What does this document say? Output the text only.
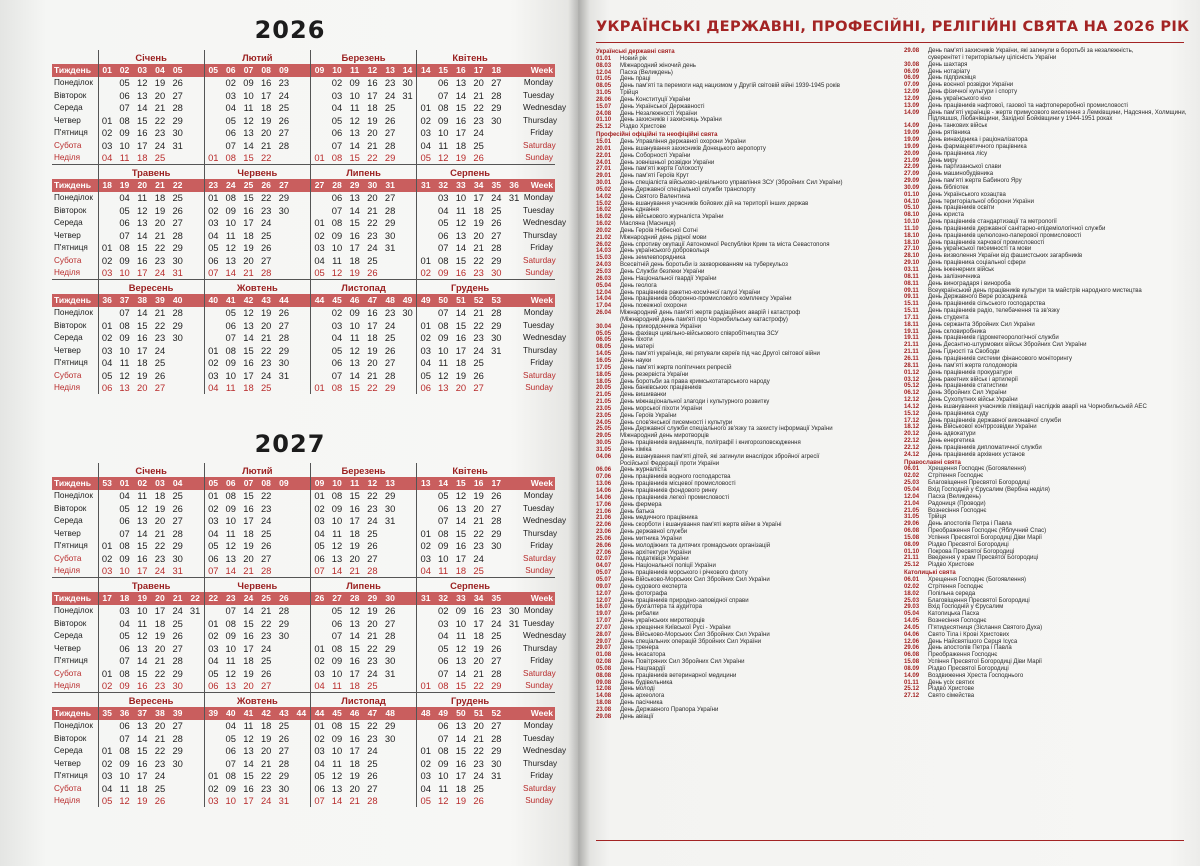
2026
	Січень						Лютий						Березень						Квітень						
Тиждень	01	02	03	04	05		05	06	07	08	09		09	10	11	12	13	14	14	15	16	17	18		Week
Понеділок		05	12	19	26			02	09	16	23			02	09	16	23	30		06	13	20	27		Monday
Вівторок		06	13	20	27			03	10	17	24			03	10	17	24	31		07	14	21	28		Tuesday
Середа		07	14	21	28			04	11	18	25			04	11	18	25		01	08	15	22	29		Wednesday
Четвер	01	08	15	22	29			05	12	19	26			05	12	19	26		02	09	16	23	30		Thursday
П'ятниця	02	09	16	23	30			06	13	20	27			06	13	20	27		03	10	17	24			Friday
Субота	03	10	17	24	31			07	14	21	28			07	14	21	28		04	11	18	25			Saturday
Неділя	04	11	18	25			01	08	15	22			01	08	15	22	29		05	12	19	26			Sunday
	Травень						Червень						Липень						Серпень						
Тиждень	18	19	20	21	22		23	24	25	26	27		27	28	29	30	31		31	32	33	34	35	36	Week
Понеділок		04	11	18	25		01	08	15	22	29			06	13	20	27			03	10	17	24	31	Monday
Вівторок		05	12	19	26		02	09	16	23	30			07	14	21	28			04	11	18	25		Tuesday
Середа		06	13	20	27		03	10	17	24			01	08	15	22	29			05	12	19	26		Wednesday
Четвер		07	14	21	28		04	11	18	25			02	09	16	23	30			06	13	20	27		Thursday
П'ятниця	01	08	15	22	29		05	12	19	26			03	10	17	24	31			07	14	21	28		Friday
Субота	02	09	16	23	30		06	13	20	27			04	11	18	25			01	08	15	22	29		Saturday
Неділя	03	10	17	24	31		07	14	21	28			05	12	19	26			02	09	16	23	30		Sunday
	Вересень						Жовтень						Листопад						Грудень						
Тиждень	36	37	38	39	40		40	41	42	43	44		44	45	46	47	48	49	49	50	51	52	53		Week
Понеділок		07	14	21	28			05	12	19	26			02	09	16	23	30		07	14	21	28		Monday
Вівторок	01	08	15	22	29			06	13	20	27			03	10	17	24		01	08	15	22	29		Tuesday
Середа	02	09	16	23	30			07	14	21	28			04	11	18	25		02	09	16	23	30		Wednesday
Четвер	03	10	17	24			01	08	15	22	29			05	12	19	26		03	10	17	24	31		Thursday
П'ятниця	04	11	18	25			02	09	16	23	30			06	13	20	27		04	11	18	25			Friday
Субота	05	12	19	26			03	10	17	24	31			07	14	21	28		05	12	19	26			Saturday
Неділя	06	13	20	27			04	11	18	25			01	08	15	22	29		06	13	20	27			Sunday
2027
	Січень						Лютий						Березень						Квітень						
Тиждень	53	01	02	03	04		05	06	07	08	09		09	10	11	12	13		13	14	15	16	17		Week
Понеділок		04	11	18	25		01	08	15	22			01	08	15	22	29			05	12	19	26		Monday
Вівторок		05	12	19	26		02	09	16	23			02	09	16	23	30			06	13	20	27		Tuesday
Середа		06	13	20	27		03	10	17	24			03	10	17	24	31			07	14	21	28		Wednesday
Четвер		07	14	21	28		04	11	18	25			04	11	18	25			01	08	15	22	29		Thursday
П'ятниця	01	08	15	22	29		05	12	19	26			05	12	19	26			02	09	16	23	30		Friday
Субота	02	09	16	23	30		06	13	20	27			06	13	20	27			03	10	17	24			Saturday
Неділя	03	10	17	24	31		07	14	21	28			07	14	21	28			04	11	18	25			Sunday
	Травень						Червень						Липень						Серпень						
Тиждень	17	18	19	20	21	22	22	23	24	25	26		26	27	28	29	30		31	32	33	34	35		Week
Понеділок		03	10	17	24	31		07	14	21	28			05	12	19	26			02	09	16	23	30	Monday
Вівторок		04	11	18	25		01	08	15	22	29			06	13	20	27			03	10	17	24	31	Tuesday
Середа		05	12	19	26		02	09	16	23	30			07	14	21	28			04	11	18	25		Wednesday
Четвер		06	13	20	27		03	10	17	24			01	08	15	22	29			05	12	19	26		Thursday
П'ятниця		07	14	21	28		04	11	18	25			02	09	16	23	30			06	13	20	27		Friday
Субота	01	08	15	22	29		05	12	19	26			03	10	17	24	31			07	14	21	28		Saturday
Неділя	02	09	16	23	30		06	13	20	27			04	11	18	25			01	08	15	22	29		Sunday
	Вересень						Жовтень						Листопад						Грудень						
Тиждень	35	36	37	38	39		39	40	41	42	43	44	44	45	46	47	48		48	49	50	51	52		Week
Понеділок		06	13	20	27			04	11	18	25		01	08	15	22	29			06	13	20	27		Monday
Вівторок		07	14	21	28			05	12	19	26		02	09	16	23	30			07	14	21	28		Tuesday
Середа	01	08	15	22	29			06	13	20	27		03	10	17	24			01	08	15	22	29		Wednesday
Четвер	02	09	16	23	30			07	14	21	28		04	11	18	25			02	09	16	23	30		Thursday
П'ятниця	03	10	17	24			01	08	15	22	29		05	12	19	26			03	10	17	24	31		Friday
Субота	04	11	18	25			02	09	16	23	30		06	13	20	27			04	11	18	25			Saturday
Неділя	05	12	19	26			03	10	17	24	31		07	14	21	28			05	12	19	26			Sunday
УКРАЇНСЬКІ ДЕРЖАВНІ, ПРОФЕСІЙНІ, РЕЛІГІЙНІ СВЯТА НА 2026 РІК
Українські державні свята
01.01	Новий рік
08.03	Міжнародний жіночий день
12.04	Пасха (Великдень)
01.05	День праці
08.05	День пам'яті та перемоги над нацизмом у Другій світовій війні 1939-1945 років
31.05	Трійця
28.06	День Конституції України
15.07	День Української Державності
24.08	День Незалежності України
01.10	День захисників і захисниць України
25.12	Різдво Христове
Професійні офіційні та неофіційні свята
15.01	День Управління державної охорони України
20.01	День вшанування захисників Донецького аеропорту
22.01	День Соборності України
24.01	День зовнішньої розвідки України
27.01	День пам'яті жертв Голокосту
29.01	День пам'яті Героїв Крут
30.01	День спеціаліста військово-цивільного управління ЗСУ (Збройних Сил України)
05.02	День Державної спеціальної служби транспорту
14.02	День Святого Валентина
15.02	День вшанування учасників бойових дій на території інших держав
16.02	День єднання
16.02	День військового журналіста України
16.02	Масляна (Масниця)
20.02	День Героїв Небесної Сотні
21.02	Міжнародний день рідної мови
26.02	День спротиву окупації Автономної Республіки Крим та міста Севастополя
14.03	День українського добровольця
15.03	День землевпорядника
24.03	Всесвітній день боротьби із захворюванням на туберкульоз
25.03	День Служби безпеки України
26.03	День Національної гвардії України
05.04	День геолога
12.04	День працівників ракетно-космічної галузі України
14.04	День працівників оборонно-промислового комплексу України
17.04	День пожежної охорони
26.04	Міжнародний день пам'яті жертв радіаційних аварій і катастроф
(Міжнародний день пам'яті про Чорнобильську катастрофу)
30.04	День прикордонника України
05.05	День фахівця цивільно-військового співробітництва ЗСУ
06.05	День піхоти
08.05	День матері
14.05	День пам'яті українців, які рятували євреїв під час Другої світової війни
16.05	День науки
17.05	День пам'яті жертв політичних репресій
18.05	День резервіста України
18.05	День боротьби за права кримськотатарського народу
20.05	День банківських працівників
21.05	День вишиванки
21.05	День міжнаціональної злагоди і культурного розвитку
23.05	День морської піхоти України
23.05	День Героїв України
24.05	День слов'янської писемності і культури
25.05	День Державної служби спеціального зв'язку та захисту інформації України
29.05	Міжнародний день миротворців
30.05	День працівників видавництв, поліграфії і книгорозповсюдження
31.05	День хіміка
04.06	День вшанування пам'яті дітей, які загинули внаслідок збройної агресії
Російської Федерації проти України
06.06	День журналіста
07.06	День працівників водного господарства
13.06	День працівників місцевої промисловості
14.06	День працівників фондового ринку
14.06	День працівників легкої промисловості
17.06	День фермера
21.06	День батька
21.06	День медичного працівника
22.06	День скорботи і вшанування пам'яті жертв війни в Україні
23.06	День державної служби
25.06	День митника України
26.06	День молодіжних та дитячих громадських організацій
27.06	День архітектури України
02.07	День податківця України
04.07	День Національної поліції України
05.07	День працівників морського і річкового флоту
05.07	День Військово-Морських Сил Збройних Сил України
09.07	День судового експерта
12.07	День фотографа
12.07	День працівників природно-заповідної справи
16.07	День бухгалтера та аудитора
19.07	День рибалки
17.07	День українських миротворців
27.07	День хрещення Київської Русі - України
28.07	День Військово-Морських Сил Збройних Сил України
29.07	День спеціальних операцій Збройних Сил України
29.07	День тренера
01.08	День інкасатора
02.08	День Повітряних Сил Збройних Сил України
05.08	День Нацгвардії
08.08	День працівників ветеринарної медицини
09.08	День будівельника
12.08	День молоді
14.08	День археолога
18.08	День пасічника
23.08	День Державного Прапора України
29.08	День авіації
29.08	День пам'яті захисників України, які загинули в боротьбі за незалежність,
суверенітет і територіальну цілісність України
30.08	День шахтаря
06.09	День нотаріату
06.09	День підприємця
07.09	День воєнної розвідки України
12.09	День фізичної культури і спорту
12.09	День українського кіно
13.09	День працівників нафтової, газової та нафтопереробної промисловості
14.09	День пам'яті українців - жертв примусового виселення з Лемківщини, Надсяння, Холмщини,
Підляшшя, Любачівщини, Західної Бойківщини у 1944-1951 роках
14.09	День танкових військ
19.09	День рятівника
19.09	День винахідника і раціоналізатора
19.09	День фармацевтичного працівника
20.09	День працівника лісу
21.09	День миру
22.09	День партизанської слави
27.09	День машинобудівника
29.09	День пам'яті жертв Бабиного Яру
30.09	День бібліотек
01.10	День Українського козацтва
04.10	День територіальної оборони України
05.10	День працівників освіти
08.10	День юриста
10.10	День працівників стандартизації та метрології
11.10	День працівників державної санітарно-епідеміологічної служби
18.10	День працівників целюлозно-паперової промисловості
18.10	День працівників харчової промисловості
27.10	День української писемності та мови
28.10	День визволення України від фашистських загарбників
29.10	День працівника соціальної сфери
03.11	День інженерних військ
08.11	День залізничника
08.11	День виноградаря і винороба
09.11	Всеукраїнський день працівників культури та майстрів народного мистецтва
09.11	День Державного Вере розсадника
15.11	День працівників сільського господарства
15.11	День працівників радіо, телебачення та зв'язку
17.11	День студента
18.11	День сержанта Збройних Сил України
19.11	День скловиробника
19.11	День працівників гідрометеорологічної служби
21.11	День Десантно-штурмових військ Збройних Сил України
21.11	День Гідності та Свободи
26.11	День працівників системи фінансового моніторингу
28.11	День пам'яті жертв голодоморів
01.12	День працівників прокуратури
03.12	День ракетних військ і артилерії
05.12	День працівників статистики
06.12	День Збройних Сил України
12.12	День Сухопутних військ України
14.12	День вшанування учасників ліквідації наслідків аварії на Чорнобильській АЕС
15.12	День працівника суду
17.12	День працівників державної виконавчої служби
18.12	День Військової контррозвідки України
20.12	День адвокатури
22.12	День енергетика
22.12	День працівників дипломатичної служби
24.12	День працівників архівних установ
Православні свята
06.01	Хрещення Господнє (Богоявлення)
02.02	Стрітення Господнє
25.03	Благовіщення Пресвятої Богородиці
05.04	Вхід Господній у Єрусалим (Вербна неділя)
12.04	Пасха (Великдень)
21.04	Радониця (Проводи)
21.05	Вознесіння Господнє
31.05	Трійця
29.06	День апостолів Петра і Павла
06.08	Преображення Господнє (Яблучний Спас)
15.08	Успіння Пресвятої Богородиці Діви Марії
08.09	Різдво Пресвятої Богородиці
01.10	Покрова Пресвятої Богородиці
21.11	Введення у храм Пресвятої Богородиці
25.12	Різдво Христове
Католицькі свята
06.01	Хрещення Господнє (Богоявлення)
02.02	Стрітення Господнє
18.02	Попільна середа
25.03	Благовіщення Пресвятої Богородиці
29.03	Вхід Господній у Єрусалим
05.04	Католицька Пасха
14.05	Вознесіння Господнє
24.05	П'ятидесятниця (Зіслання Святого Духа)
04.06	Свято Тіла і Крові Христових
12.06	День Найсвятішого Серця Ісуса
29.06	День апостолів Петра і Павла
06.08	Преображення Господнє
15.08	Успіння Пресвятої Богородиці Діви Марії
08.09	Різдво Пресвятої Богородиці
14.09	Воздвиження Хреста Господнього
01.11	День усіх святих
25.12	Різдво Христове
27.12	Свято сімейства
